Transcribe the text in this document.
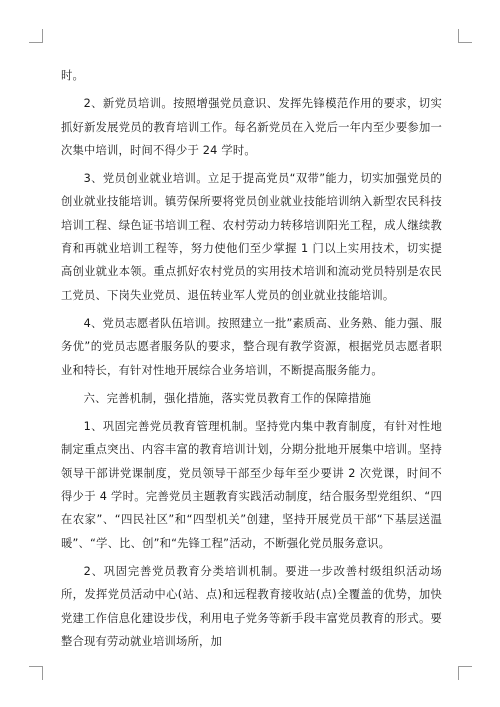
时。

2、新党员培训。按照增强党员意识、发挥先锋模范作用的要求，切实抓好新发展党员的教育培训工作。每名新党员在入党后一年内至少要参加一次集中培训，时间不得少于 24 学时。

3、党员创业就业培训。立足于提高党员“双带”能力，切实加强党员的创业就业技能培训。镇劳保所要将党员创业就业技能培训纳入新型农民科技培训工程、绿色证书培训工程、农村劳动力转移培训阳光工程，成人继续教育和再就业培训工程等，努力使他们至少掌握 1 门以上实用技术，切实提高创业就业本领。重点抓好农村党员的实用技术培训和流动党员特别是农民工党员、下岗失业党员、退伍转业军人党员的创业就业技能培训。

4、党员志愿者队伍培训。按照建立一批”素质高、业务熟、能力强、服务优”的党员志愿者服务队的要求，整合现有教学资源，根据党员志愿者职业和特长，有针对性地开展综合业务培训，不断提高服务能力。

六、完善机制，强化措施，落实党员教育工作的保障措施

1、巩固完善党员教育管理机制。坚持党内集中教育制度，有针对性地制定重点突出、内容丰富的教育培训计划，分期分批地开展集中培训。坚持领导干部讲党课制度，党员领导干部至少每年至少要讲 2 次党课，时间不得少于 4 学时。完善党员主题教育实践活动制度，结合服务型党组织、“四在农家”、“四民社区”和“四型机关”创建，坚持开展党员干部“下基层送温暖”、“学、比、创”和“先锋工程”活动，不断强化党员服务意识。

2、巩固完善党员教育分类培训机制。要进一步改善村级组织活动场所，发挥党员活动中心(站、点)和远程教育接收站(点)全覆盖的优势，加快党建工作信息化建设步伐，利用电子党务等新手段丰富党员教育的形式。要整合现有劳动就业培训场所，加
